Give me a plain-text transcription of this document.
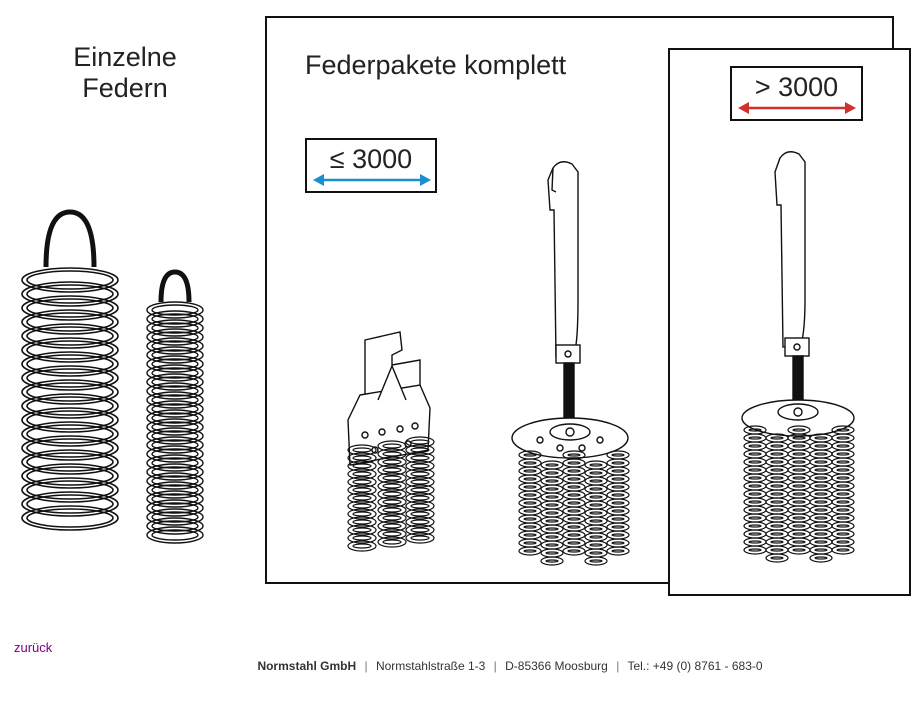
Einzelne
Federn
Federpakete komplett
≤ 3000
> 3000
zurück
Normstahl GmbH | Normstahlstraße 1-3 | D-85366 Moosburg | Tel.: +49 (0) 8761 - 683-0
